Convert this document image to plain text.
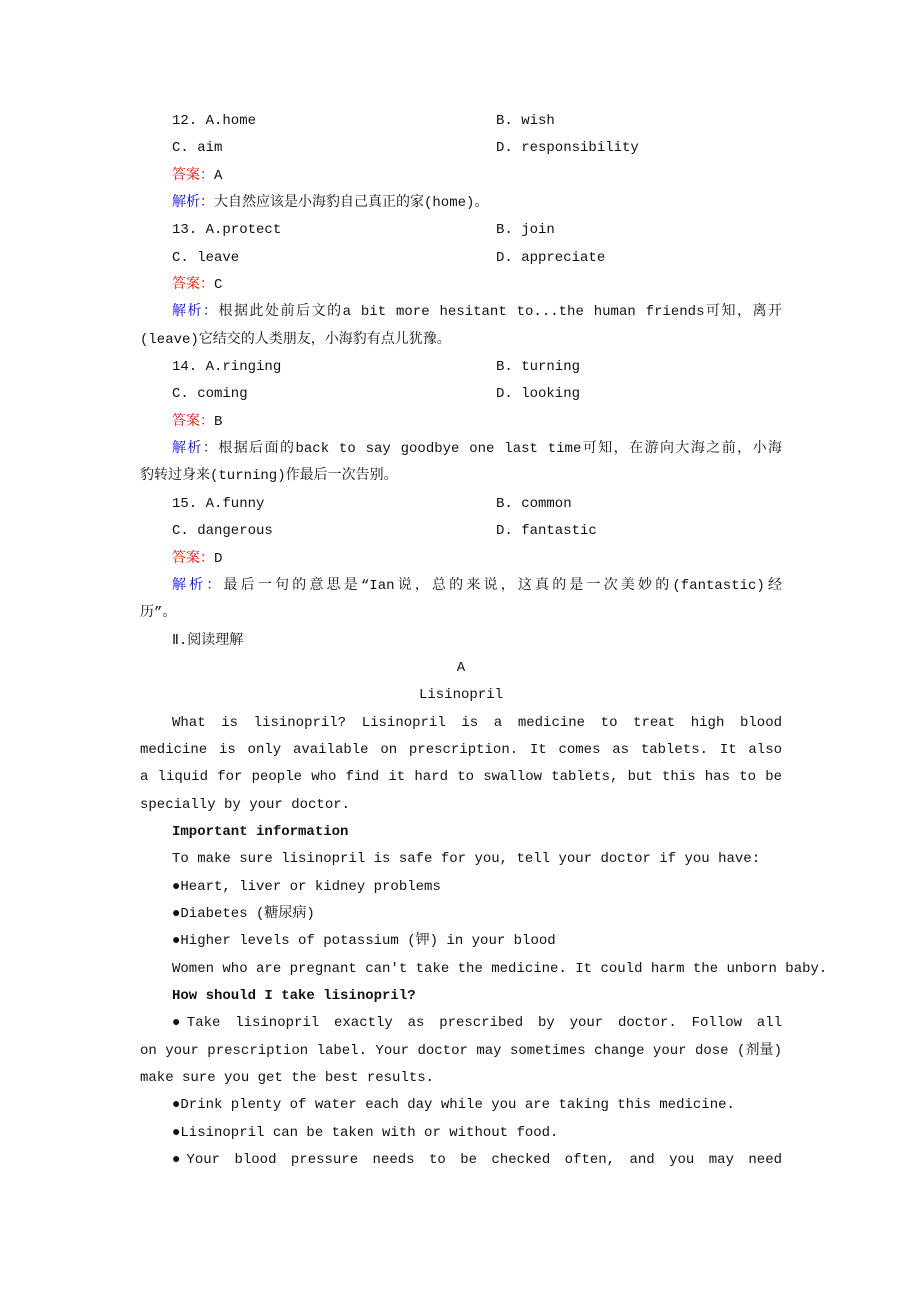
12. A.home	B. wish
C. aim	D. responsibility
答案：A
解析：大自然应该是小海豹自己真正的家(home)。
13. A.protect	B. join
C. leave	D. appreciate
答案：C
解析：根据此处前后文的a bit more hesitant to...the human friends可知，离开
(leave)它结交的人类朋友，小海豹有点儿犹豫。
14. A.ringing	B. turning
C. coming	D. looking
答案：B
解析：根据后面的back to say goodbye one last time可知，在游向大海之前，小海
豹转过身来(turning)作最后一次告别。
15. A.funny	B. common
C. dangerous	D. fantastic
答案：D
解析：最后一句的意思是“Ian说，总的来说，这真的是一次美妙的(fantastic)经
历”。
Ⅱ.阅读理解
A
Lisinopril
What is lisinopril? Lisinopril is a medicine to treat high blood
medicine is only available on prescription. It comes as tablets. It also
a liquid for people who find it hard to swallow tablets, but this has to be
specially by your doctor.
Important information
To make sure lisinopril is safe for you, tell your doctor if you have:
●Heart, liver or kidney problems
●Diabetes (糖尿病)
●Higher levels of potassium (钾) in your blood
Women who are pregnant can't take the medicine. It could harm the unborn baby.
How should I take lisinopril?
●Take lisinopril exactly as prescribed by your doctor. Follow all
on your prescription label. Your doctor may sometimes change your dose (剂量)
make sure you get the best results.
●Drink plenty of water each day while you are taking this medicine.
●Lisinopril can be taken with or without food.
●Your blood pressure needs to be checked often, and you may need
